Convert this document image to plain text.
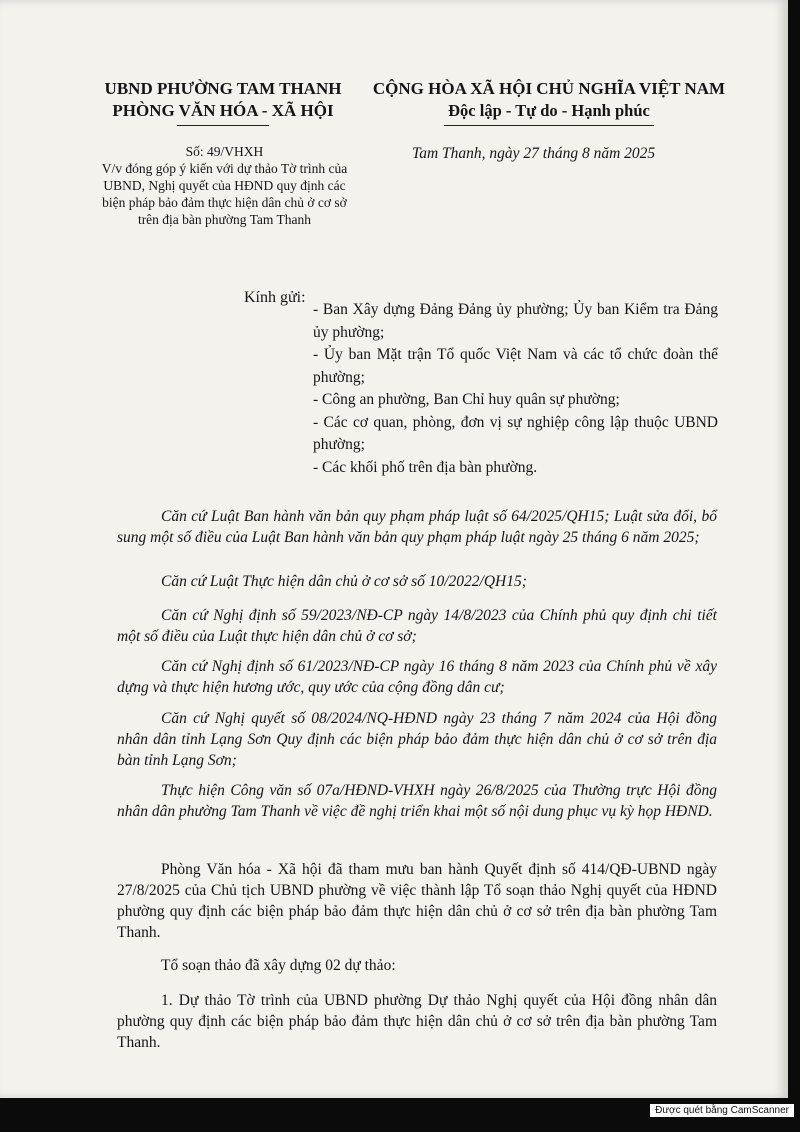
UBND PHƯỜNG TAM THANH
PHÒNG VĂN HÓA - XÃ HỘI
CỘNG HÒA XÃ HỘI CHỦ NGHĨA VIỆT NAM
Độc lập - Tự do - Hạnh phúc
Số: 49/VHXH
V/v đóng góp ý kiến với dự thảo Tờ trình của UBND, Nghị quyết của HĐND quy định các biện pháp bảo đảm thực hiện dân chủ ở cơ sở trên địa bàn phường Tam Thanh
Tam Thanh, ngày 27 tháng 8 năm 2025
Kính gửi:
- Ban Xây dựng Đảng Đảng ủy phường; Ủy ban Kiểm tra Đảng ủy phường;
- Ủy ban Mặt trận Tổ quốc Việt Nam và các tổ chức đoàn thể phường;
- Công an phường, Ban Chỉ huy quân sự phường;
- Các cơ quan, phòng, đơn vị sự nghiệp công lập thuộc UBND phường;
- Các khối phố trên địa bàn phường.

Căn cứ Luật Ban hành văn bản quy phạm pháp luật số 64/2025/QH15; Luật sửa đổi, bổ sung một số điều của Luật Ban hành văn bản quy phạm pháp luật ngày 25 tháng 6 năm 2025;

Căn cứ Luật Thực hiện dân chủ ở cơ sở số 10/2022/QH15;

Căn cứ Nghị định số 59/2023/NĐ-CP ngày 14/8/2023 của Chính phủ quy định chi tiết một số điều của Luật thực hiện dân chủ ở cơ sở;

Căn cứ Nghị định số 61/2023/NĐ-CP ngày 16 tháng 8 năm 2023 của Chính phủ về xây dựng và thực hiện hương ước, quy ước của cộng đồng dân cư;

Căn cứ Nghị quyết số 08/2024/NQ-HĐND ngày 23 tháng 7 năm 2024 của Hội đồng nhân dân tỉnh Lạng Sơn Quy định các biện pháp bảo đảm thực hiện dân chủ ở cơ sở trên địa bàn tỉnh Lạng Sơn;

Thực hiện Công văn số 07a/HĐND-VHXH ngày 26/8/2025 của Thường trực Hội đồng nhân dân phường Tam Thanh về việc đề nghị triển khai một số nội dung phục vụ kỳ họp HĐND.

Phòng Văn hóa - Xã hội đã tham mưu ban hành Quyết định số 414/QĐ-UBND ngày 27/8/2025 của Chủ tịch UBND phường về việc thành lập Tổ soạn thảo Nghị quyết của HĐND phường quy định các biện pháp bảo đảm thực hiện dân chủ ở cơ sở trên địa bàn phường Tam Thanh.

Tổ soạn thảo đã xây dựng 02 dự thảo:

1. Dự thảo Tờ trình của UBND phường Dự thảo Nghị quyết của Hội đồng nhân dân phường quy định các biện pháp bảo đảm thực hiện dân chủ ở cơ sở trên địa bàn phường Tam Thanh.

Được quét bằng CamScanner
